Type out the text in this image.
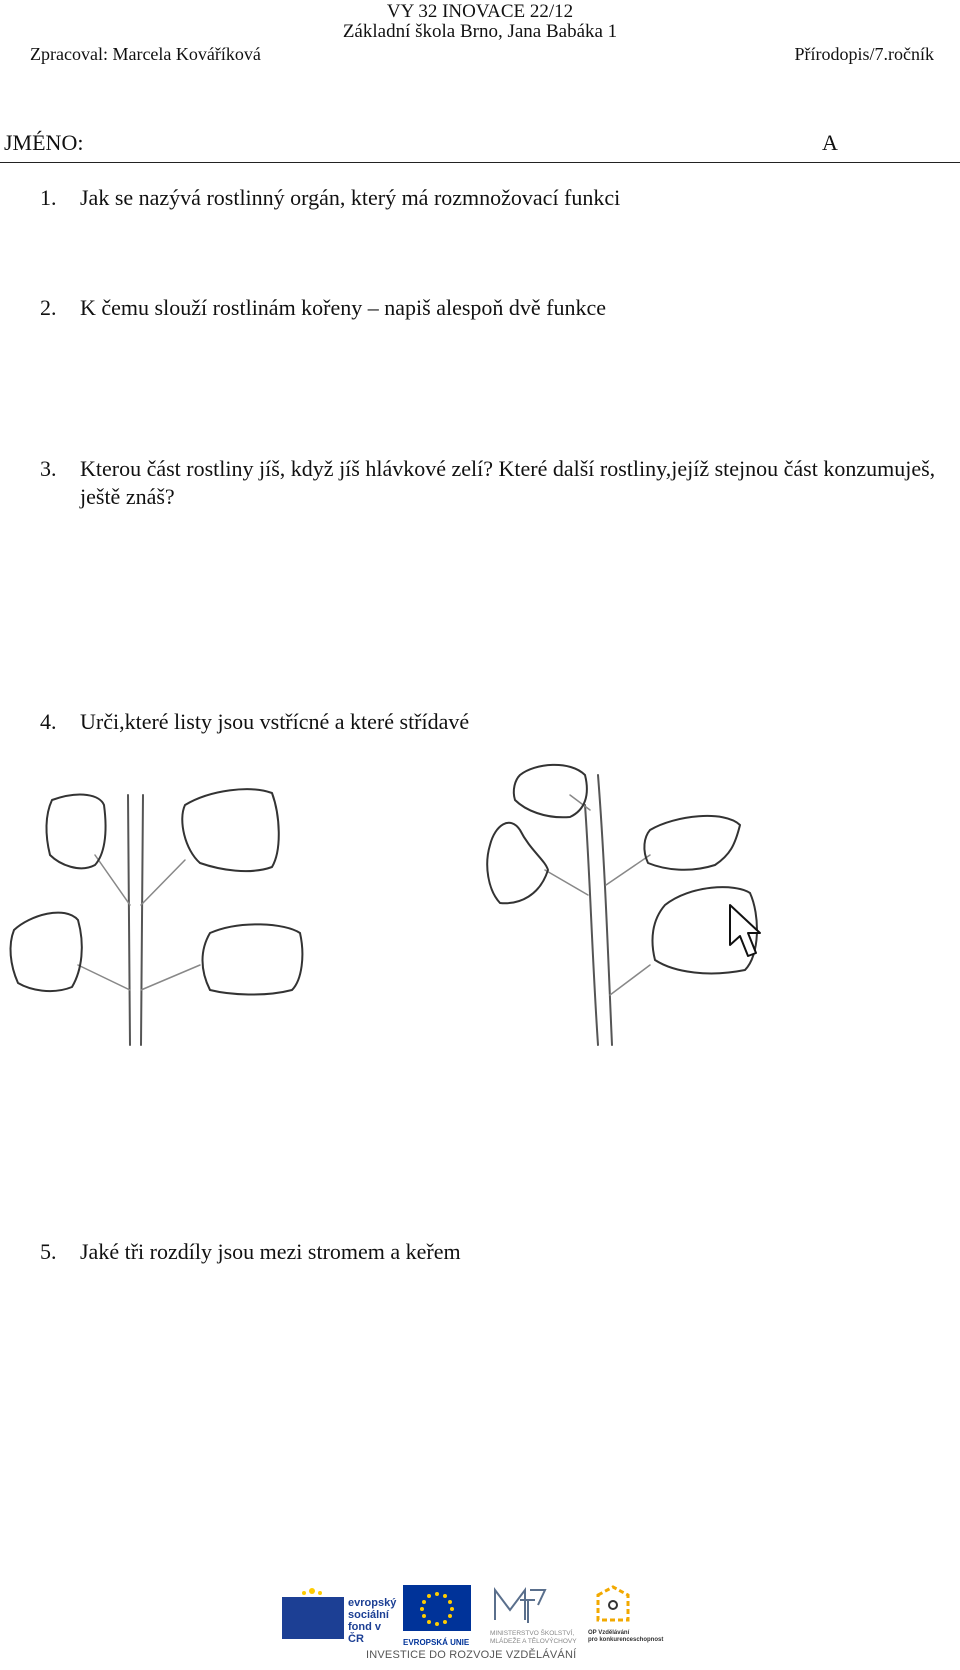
VY 32 INOVACE 22/12
Základní škola Brno, Jana Babáka 1
Zpracoval: Marcela Kováříková	Přírodopis/7.ročník
JMÉNO:	A
1.	Jak se nazývá rostlinný orgán, který má rozmnožovací funkci
2.	K čemu slouží rostlinám kořeny – napiš alespoň dvě funkce
3.	Kterou část rostliny jíš, když jíš hlávkové zelí? Které další rostliny,jejíž stejnou část konzumuješ, ještě znáš?
4.	Urči,které listy jsou vstřícné a které střídavé
5.	Jaké tři rozdíly jsou mezi stromem a keřem
evropský
sociální
fond v ČR	EVROPSKÁ UNIE
MINISTERSTVO ŠKOLSTVÍ,
MLÁDEŽE A TĚLOVÝCHOVY
OP Vzdělávání
pro konkurenceschopnost
INVESTICE DO ROZVOJE VZDĚLÁVÁNÍ
